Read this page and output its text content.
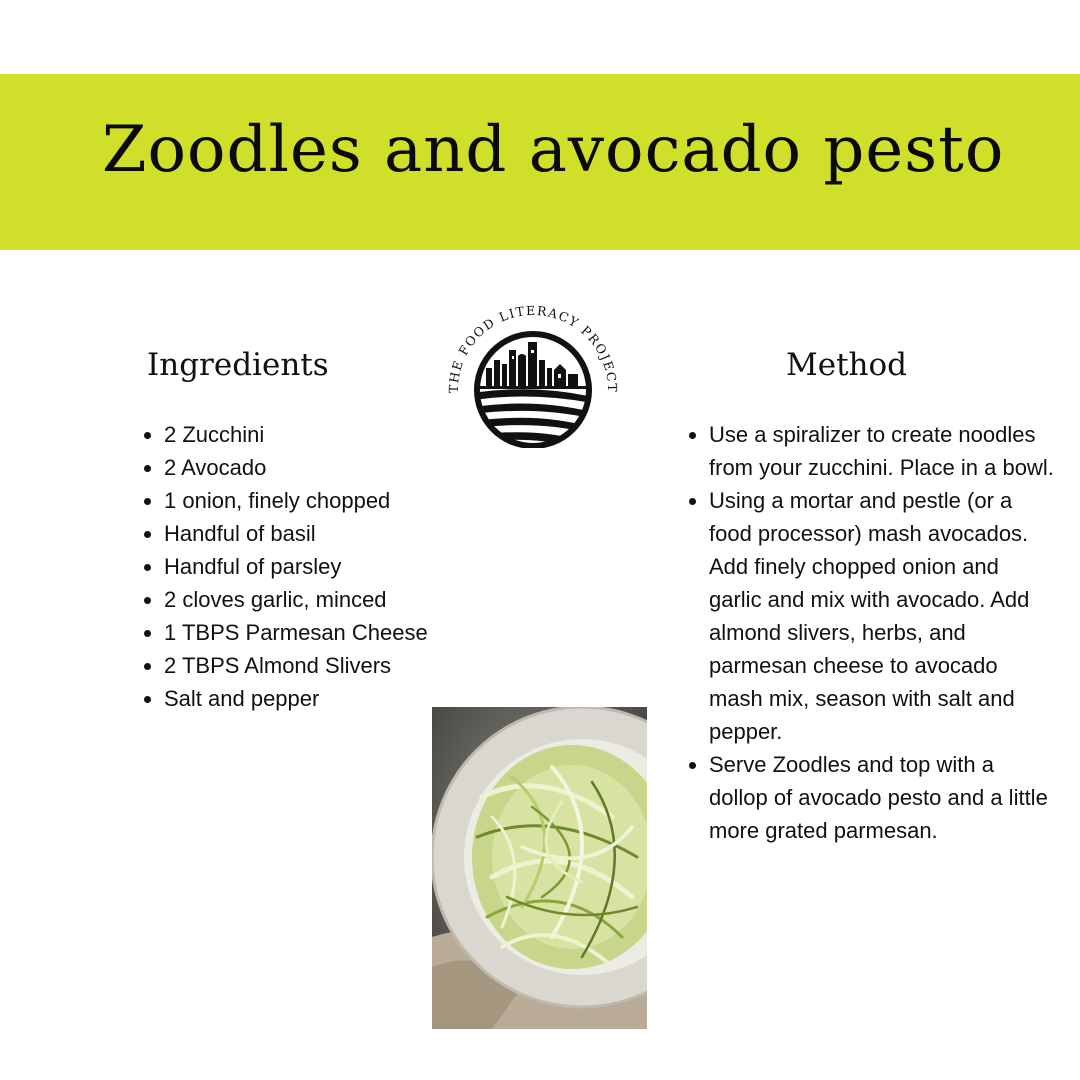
Zoodles and avocado pesto
Ingredients
• 2 Zucchini
• 2 Avocado
• 1 onion, finely chopped
• Handful of basil
• Handful of parsley
• 2 cloves garlic, minced
• 1 TBPS Parmesan Cheese
• 2 TBPS Almond Slivers
• Salt and pepper
THE FOOD LITERACY PROJECT
Method
• Use a spiralizer to create noodles from your zucchini. Place in a bowl.
• Using a mortar and pestle (or a food processor) mash avocados. Add finely chopped onion and garlic and mix with avocado. Add almond slivers, herbs, and parmesan cheese to avocado mash mix, season with salt and pepper.
• Serve Zoodles and top with a dollop of avocado pesto and a little more grated parmesan.
